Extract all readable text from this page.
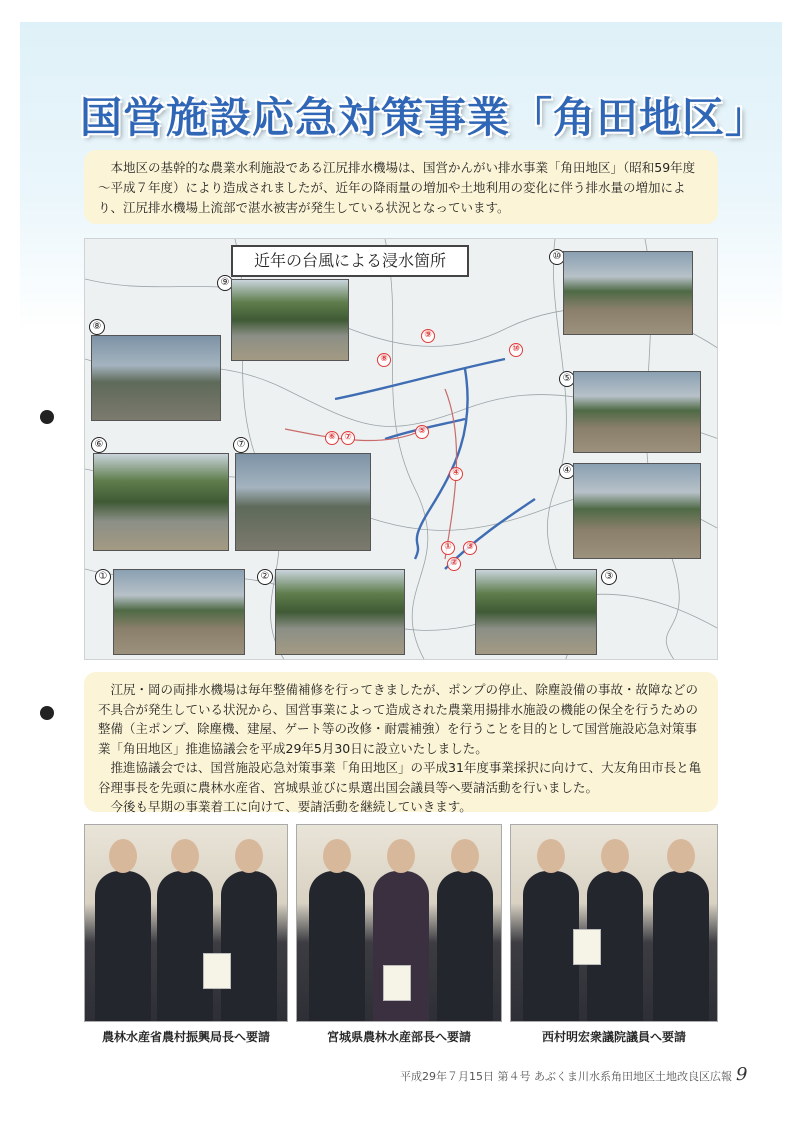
国営施設応急対策事業「角田地区」

本地区の基幹的な農業水利施設である江尻排水機場は、国営かんがい排水事業「角田地区」（昭和59年度～平成７年度）により造成されましたが、近年の降雨量の増加や土地利用の変化に伴う排水量の増加により、江尻排水機場上流部で湛水被害が発生している状況となっています。

近年の台風による浸水箇所
⑨
⑩
⑧
⑤
⑥	⑦
④
①	②	③
⑨
⑩
⑧
⑥ ⑦
⑤
④
①	③
②

江尻・岡の両排水機場は毎年整備補修を行ってきましたが、ポンプの停止、除塵設備の事故・故障などの不具合が発生している状況から、国営事業によって造成された農業用揚排水施設の機能の保全を行うための整備（主ポンプ、除塵機、建屋、ゲート等の改修・耐震補強）を行うことを目的として国営施設応急対策事業「角田地区」推進協議会を平成29年5月30日に設立いたしました。

推進協議会では、国営施設応急対策事業「角田地区」の平成31年度事業採択に向けて、大友角田市長と亀谷理事長を先頭に農林水産省、宮城県並びに県選出国会議員等へ要請活動を行いました。

今後も早期の事業着工に向けて、要請活動を継続していきます。

農林水産省農村振興局長へ要請	宮城県農林水産部長へ要請	西村明宏衆議院議員へ要請
平成29年７月15日 第４号 あぶくま川水系角田地区土地改良区広報 9
